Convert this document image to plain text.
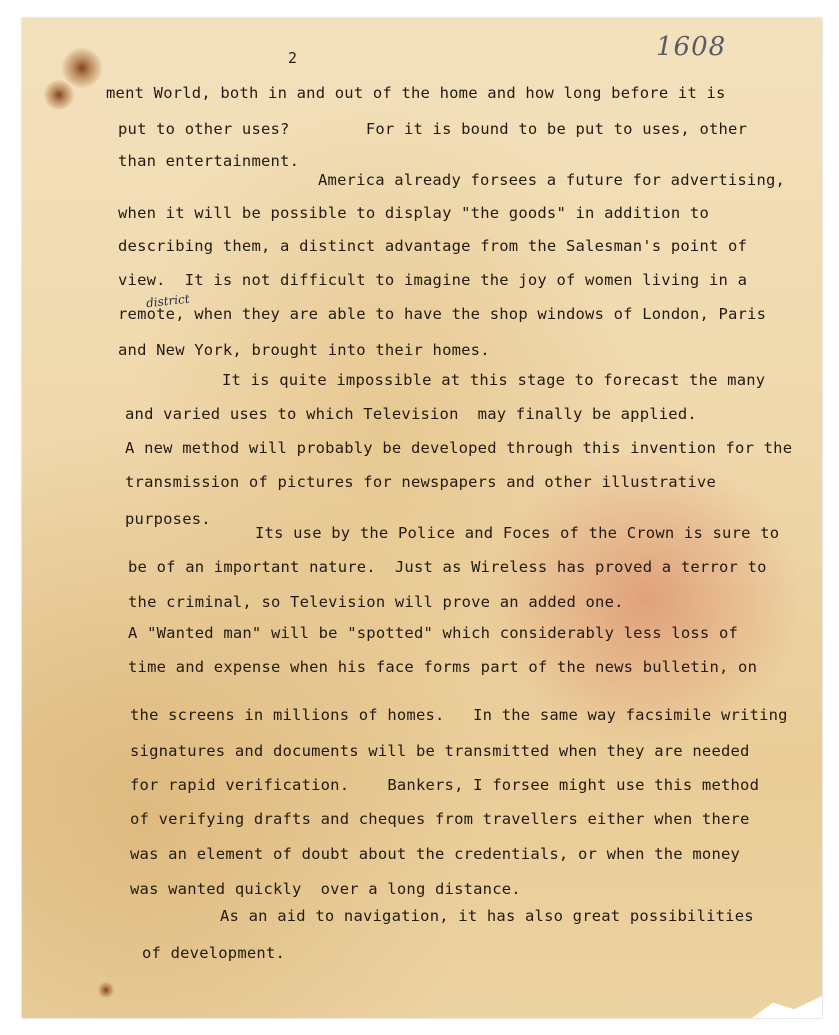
2	1608
district
ment World, both in and out of the home and how long before it is
put to other uses?        For it is bound to be put to uses, other
than entertainment.
America already forsees a future for advertising,
when it will be possible to display "the goods" in addition to
describing them, a distinct advantage from the Salesman's point of
view.  It is not difficult to imagine the joy of women living in a
remote, when they are able to have the shop windows of London, Paris
and New York, brought into their homes.
It is quite impossible at this stage to forecast the many
and varied uses to which Television  may finally be applied.
A new method will probably be developed through this invention for the
transmission of pictures for newspapers and other illustrative
purposes.
Its use by the Police and Foces of the Crown is sure to
be of an important nature.  Just as Wireless has proved a terror to
the criminal, so Television will prove an added one.
A "Wanted man" will be "spotted" which considerably less loss of
time and expense when his face forms part of the news bulletin, on
the screens in millions of homes.   In the same way facsimile writing
signatures and documents will be transmitted when they are needed
for rapid verification.    Bankers, I forsee might use this method
of verifying drafts and cheques from travellers either when there
was an element of doubt about the credentials, or when the money
was wanted quickly  over a long distance.
As an aid to navigation, it has also great possibilities
of development.
